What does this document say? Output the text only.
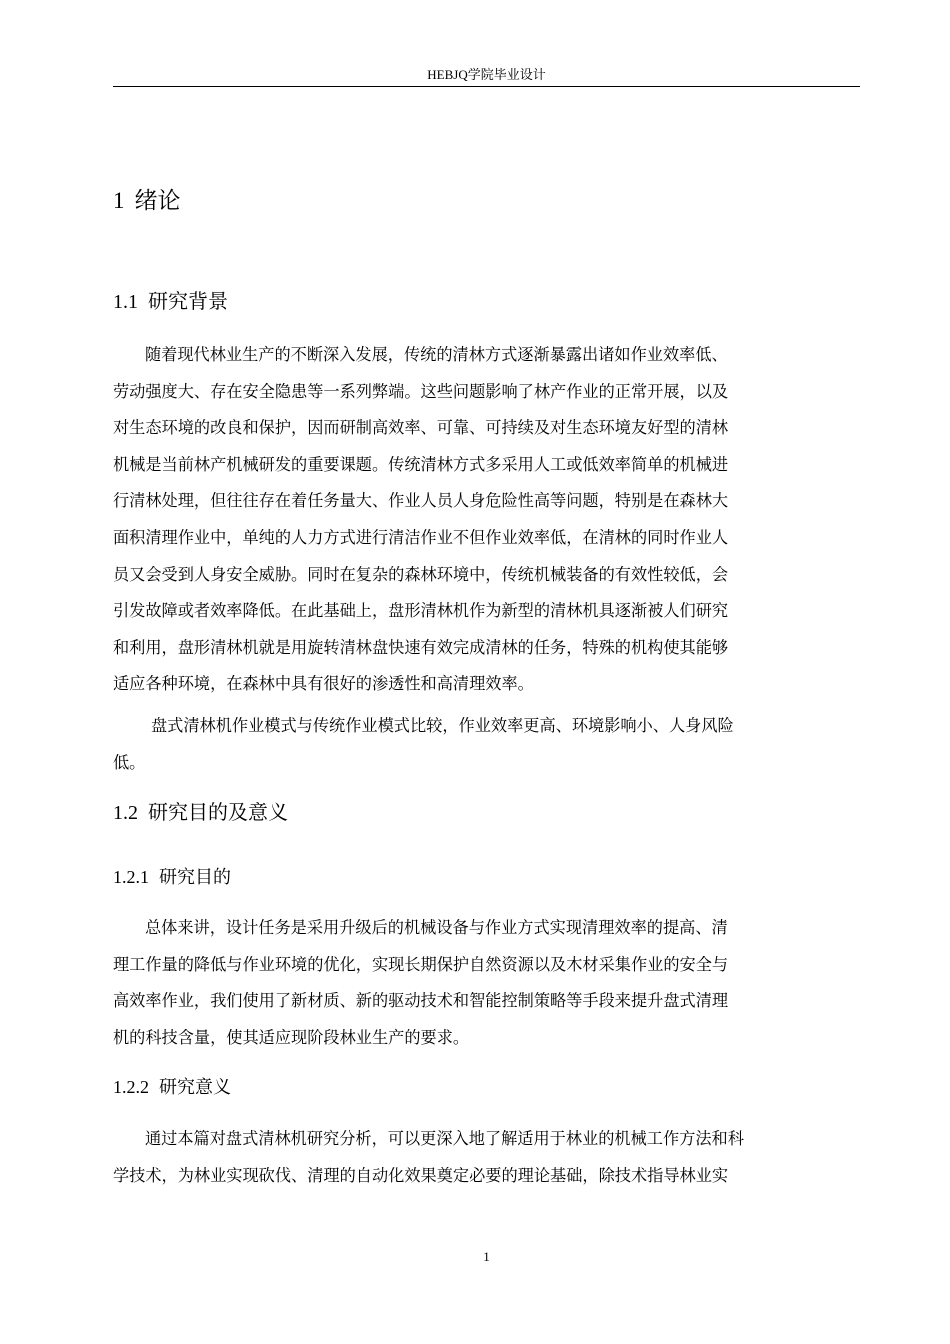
HEBJQ学院毕业设计
1 绪论
1.1 研究背景

随着现代林业生产的不断深入发展，传统的清林方式逐渐暴露出诸如作业效率低、
劳动强度大、存在安全隐患等一系列弊端。这些问题影响了林产作业的正常开展，以及
对生态环境的改良和保护，因而研制高效率、可靠、可持续及对生态环境友好型的清林
机械是当前林产机械研发的重要课题。传统清林方式多采用人工或低效率简单的机械进
行清林处理，但往往存在着任务量大、作业人员人身危险性高等问题，特别是在森林大
面积清理作业中，单纯的人力方式进行清洁作业不但作业效率低，在清林的同时作业人
员又会受到人身安全威胁。同时在复杂的森林环境中，传统机械装备的有效性较低，会
引发故障或者效率降低。在此基础上，盘形清林机作为新型的清林机具逐渐被人们研究
和利用，盘形清林机就是用旋转清林盘快速有效完成清林的任务，特殊的机构使其能够
适应各种环境，在森林中具有很好的渗透性和高清理效率。

盘式清林机作业模式与传统作业模式比较，作业效率更高、环境影响小、人身风险
低。

1.2 研究目的及意义
1.2.1 研究目的

总体来讲，设计任务是采用升级后的机械设备与作业方式实现清理效率的提高、清
理工作量的降低与作业环境的优化，实现长期保护自然资源以及木材采集作业的安全与
高效率作业，我们使用了新材质、新的驱动技术和智能控制策略等手段来提升盘式清理
机的科技含量，使其适应现阶段林业生产的要求。

1.2.2 研究意义

通过本篇对盘式清林机研究分析，可以更深入地了解适用于林业的机械工作方法和科
学技术，为林业实现砍伐、清理的自动化效果奠定必要的理论基础，除技术指导林业实

1
